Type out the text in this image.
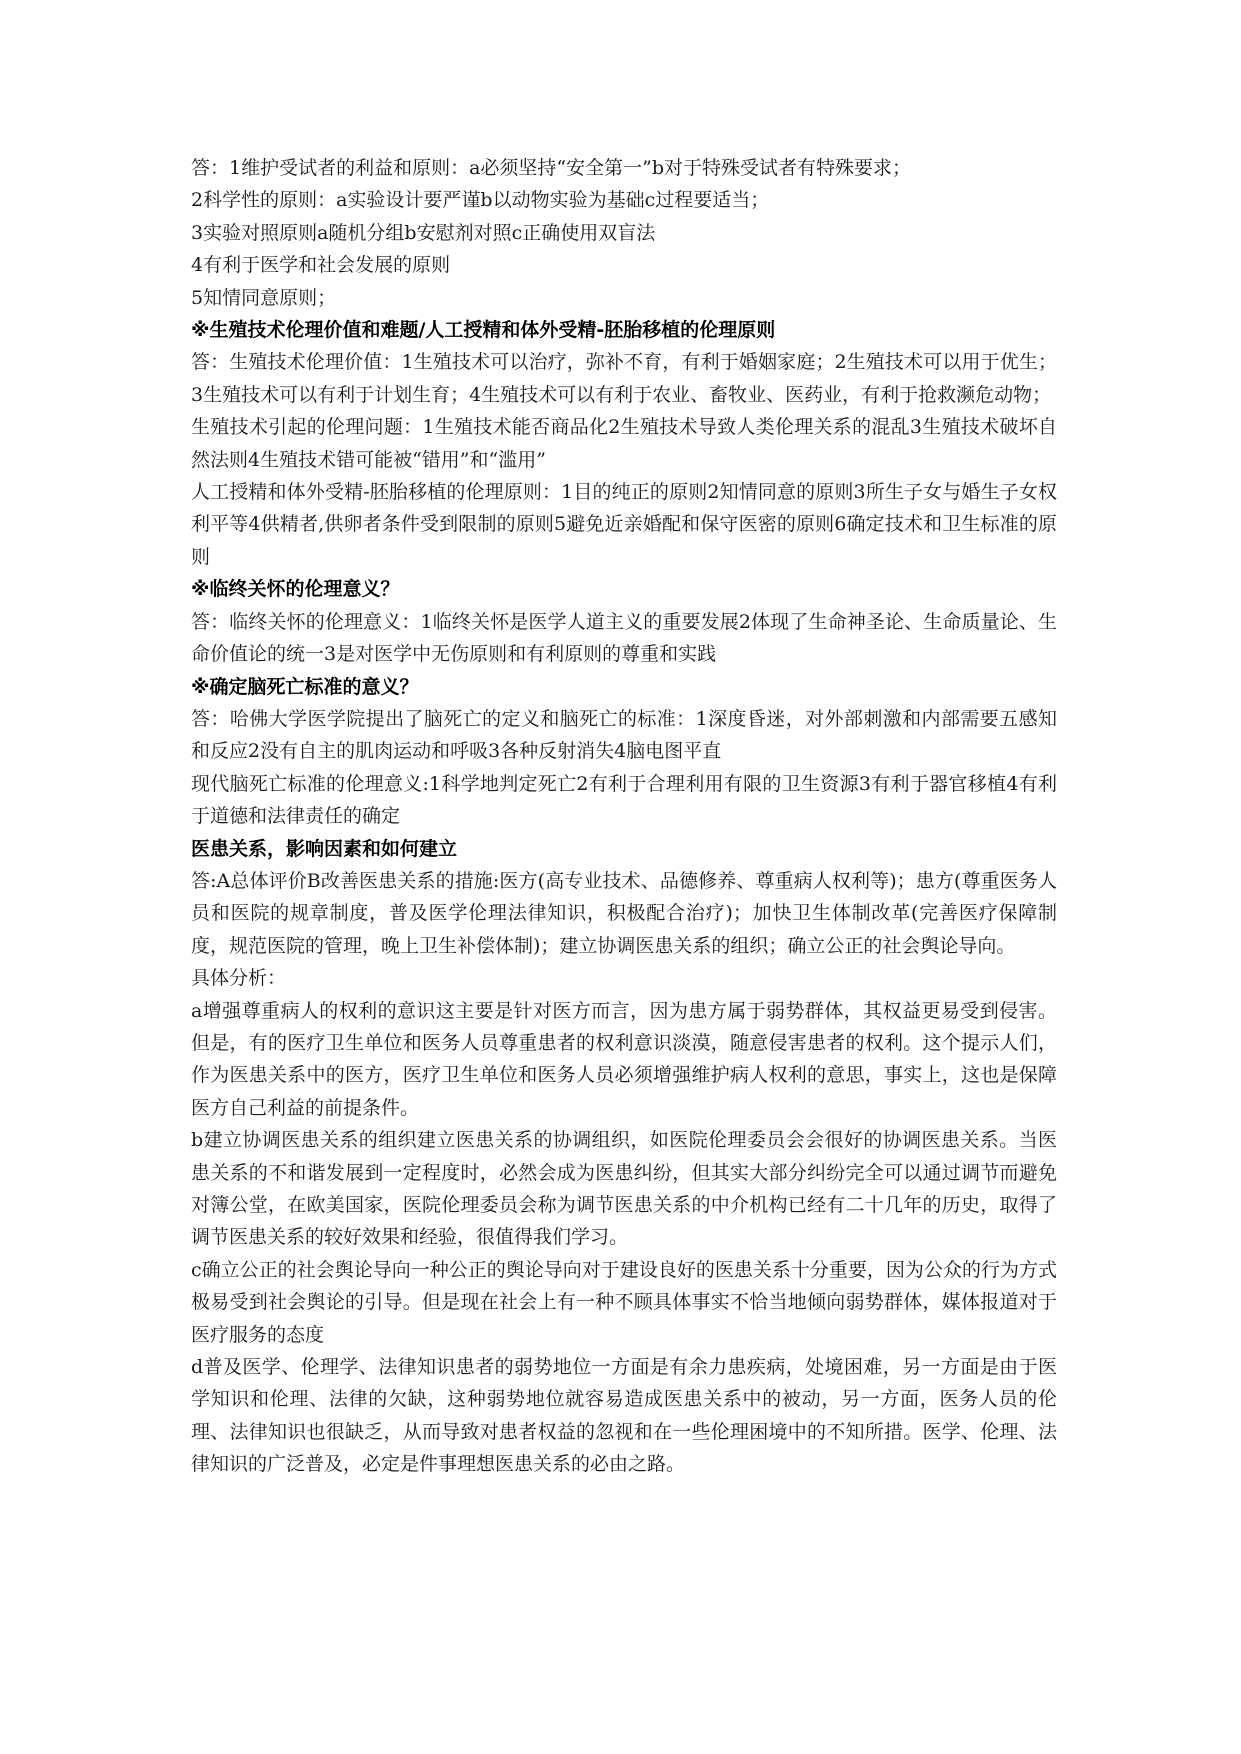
答：1维护受试者的利益和原则：a必须坚持“安全第一”b对于特殊受试者有特殊要求；

2科学性的原则：a实验设计要严谨b以动物实验为基础c过程要适当；

3实验对照原则a随机分组b安慰剂对照c正确使用双盲法

4有利于医学和社会发展的原则

5知情同意原则；

※生殖技术伦理价值和难题/人工授精和体外受精-胚胎移植的伦理原则

答：生殖技术伦理价值：1生殖技术可以治疗，弥补不育，有利于婚姻家庭；2生殖技术可以用于优生；3生殖技术可以有利于计划生育；4生殖技术可以有利于农业、畜牧业、医药业，有利于抢救濒危动物；

生殖技术引起的伦理问题：1生殖技术能否商品化2生殖技术导致人类伦理关系的混乱3生殖技术破坏自然法则4生殖技术错可能被“错用”和“滥用”

人工授精和体外受精-胚胎移植的伦理原则：1目的纯正的原则2知情同意的原则3所生子女与婚生子女权利平等4供精者,供卵者条件受到限制的原则5避免近亲婚配和保守医密的原则6确定技术和卫生标准的原则

※临终关怀的伦理意义？

答：临终关怀的伦理意义：1临终关怀是医学人道主义的重要发展2体现了生命神圣论、生命质量论、生命价值论的统一3是对医学中无伤原则和有利原则的尊重和实践

※确定脑死亡标准的意义？

答：哈佛大学医学院提出了脑死亡的定义和脑死亡的标准：1深度昏迷，对外部刺激和内部需要五感知和反应2没有自主的肌肉运动和呼吸3各种反射消失4脑电图平直

现代脑死亡标准的伦理意义:1科学地判定死亡2有利于合理利用有限的卫生资源3有利于器官移植4有利于道德和法律责任的确定

医患关系，影响因素和如何建立

答:A总体评价B改善医患关系的措施:医方(高专业技术、品德修养、尊重病人权利等)；患方(尊重医务人员和医院的规章制度，普及医学伦理法律知识，积极配合治疗)；加快卫生体制改革(完善医疗保障制度，规范医院的管理，晚上卫生补偿体制)；建立协调医患关系的组织；确立公正的社会舆论导向。

具体分析：

a增强尊重病人的权利的意识这主要是针对医方而言，因为患方属于弱势群体，其权益更易受到侵害。但是，有的医疗卫生单位和医务人员尊重患者的权利意识淡漠，随意侵害患者的权利。这个提示人们，作为医患关系中的医方，医疗卫生单位和医务人员必须增强维护病人权利的意思，事实上，这也是保障医方自己利益的前提条件。

b建立协调医患关系的组织建立医患关系的协调组织，如医院伦理委员会会很好的协调医患关系。当医患关系的不和谐发展到一定程度时，必然会成为医患纠纷，但其实大部分纠纷完全可以通过调节而避免对簿公堂，在欧美国家，医院伦理委员会称为调节医患关系的中介机构已经有二十几年的历史，取得了调节医患关系的较好效果和经验，很值得我们学习。

c确立公正的社会舆论导向一种公正的舆论导向对于建设良好的医患关系十分重要，因为公众的行为方式极易受到社会舆论的引导。但是现在社会上有一种不顾具体事实不恰当地倾向弱势群体，媒体报道对于医疗服务的态度

d普及医学、伦理学、法律知识患者的弱势地位一方面是有余力患疾病，处境困难，另一方面是由于医学知识和伦理、法律的欠缺，这种弱势地位就容易造成医患关系中的被动，另一方面，医务人员的伦理、法律知识也很缺乏，从而导致对患者权益的忽视和在一些伦理困境中的不知所措。医学、伦理、法律知识的广泛普及，必定是件事理想医患关系的必由之路。
